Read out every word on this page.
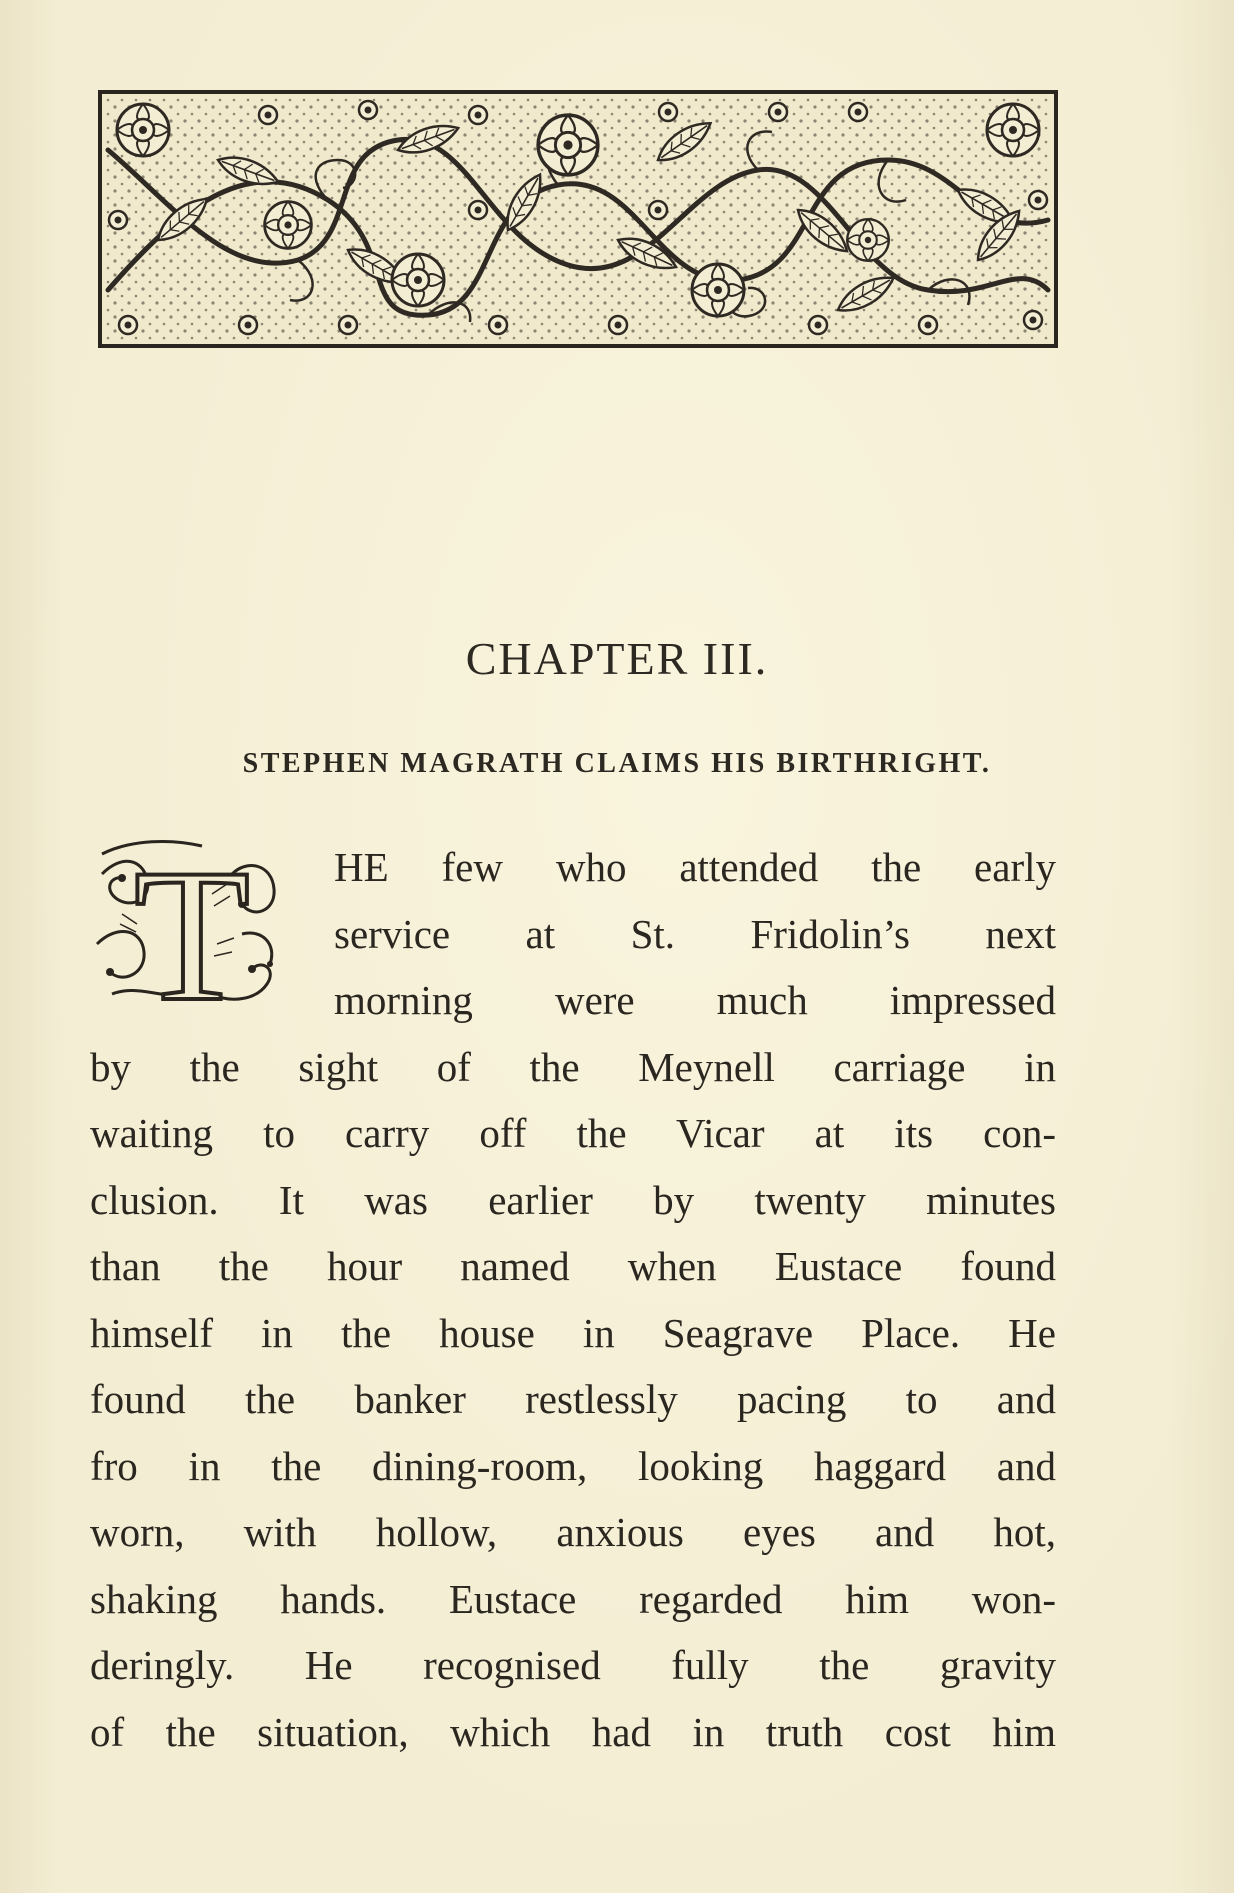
CHAPTER III.
STEPHEN MAGRATH CLAIMS HIS BIRTHRIGHT.
T	HE few who attended the early
service at St. Fridolin’s next
morning were much impressed
by the sight of the Meynell carriage in
waiting to carry off the Vicar at its con-
clusion. It was earlier by twenty minutes
than the hour named when Eustace found
himself in the house in Seagrave Place. He
found the banker restlessly pacing to and
fro in the dining-room, looking haggard and
worn, with hollow, anxious eyes and hot,
shaking hands. Eustace regarded him won-
deringly. He recognised fully the gravity
of the situation, which had in truth cost him
